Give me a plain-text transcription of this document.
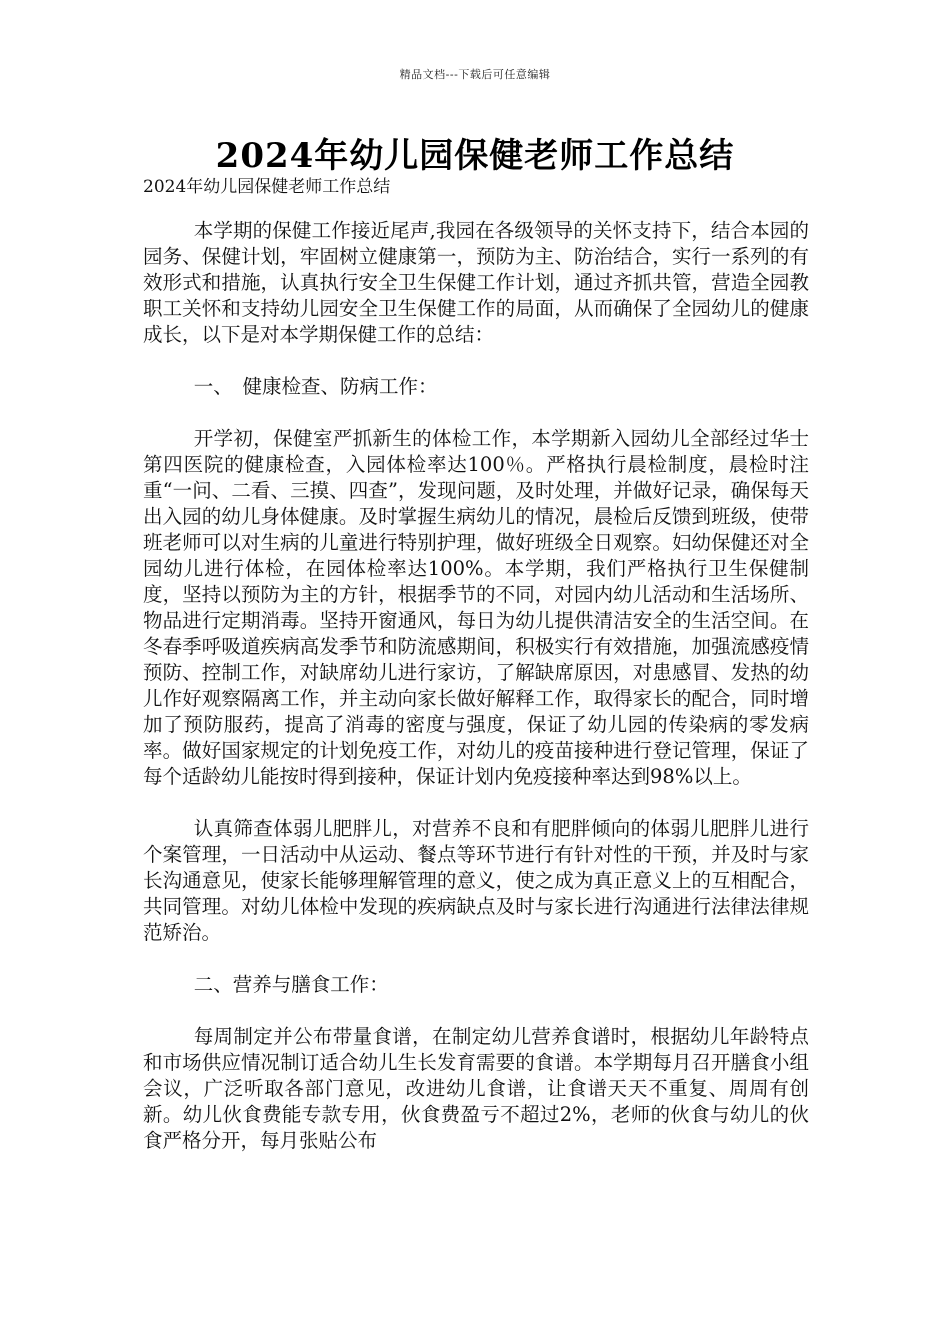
精品文档---下载后可任意编辑
2024年幼儿园保健老师工作总结

2024年幼儿园保健老师工作总结

本学期的保健工作接近尾声,我园在各级领导的关怀支持下，结合本园的园务、保健计划，牢固树立健康第一，预防为主、防治结合，实行一系列的有效形式和措施，认真执行安全卫生保健工作计划，通过齐抓共管，营造全园教职工关怀和支持幼儿园安全卫生保健工作的局面，从而确保了全园幼儿的健康成长，以下是对本学期保健工作的总结：

一、　健康检查、防病工作：

开学初，保健室严抓新生的体检工作，本学期新入园幼儿全部经过华士第四医院的健康检查，入园体检率达100％。严格执行晨检制度，晨检时注重“一问、二看、三摸、四查”，发现问题，及时处理，并做好记录，确保每天出入园的幼儿身体健康。及时掌握生病幼儿的情况，晨检后反馈到班级，使带班老师可以对生病的儿童进行特别护理，做好班级全日观察。妇幼保健还对全园幼儿进行体检，在园体检率达100%。本学期，我们严格执行卫生保健制度，坚持以预防为主的方针，根据季节的不同，对园内幼儿活动和生活场所、物品进行定期消毒。坚持开窗通风，每日为幼儿提供清洁安全的生活空间。在冬春季呼吸道疾病高发季节和防流感期间，积极实行有效措施，加强流感疫情预防、控制工作，对缺席幼儿进行家访，了解缺席原因，对患感冒、发热的幼儿作好观察隔离工作，并主动向家长做好解释工作，取得家长的配合，同时增加了预防服药，提高了消毒的密度与强度，保证了幼儿园的传染病的零发病率。做好国家规定的计划免疫工作，对幼儿的疫苗接种进行登记管理，保证了每个适龄幼儿能按时得到接种，保证计划内免疫接种率达到98%以上。

认真筛查体弱儿肥胖儿，对营养不良和有肥胖倾向的体弱儿肥胖儿进行个案管理，一日活动中从运动、餐点等环节进行有针对性的干预，并及时与家长沟通意见，使家长能够理解管理的意义，使之成为真正意义上的互相配合，共同管理。对幼儿体检中发现的疾病缺点及时与家长进行沟通进行法律法律规范矫治。

二、营养与膳食工作：

每周制定并公布带量食谱，在制定幼儿营养食谱时，根据幼儿年龄特点和市场供应情况制订适合幼儿生长发育需要的食谱。本学期每月召开膳食小组会议，广泛听取各部门意见，改进幼儿食谱，让食谱天天不重复、周周有创新。幼儿伙食费能专款专用，伙食费盈亏不超过2%，老师的伙食与幼儿的伙食严格分开，每月张贴公布
